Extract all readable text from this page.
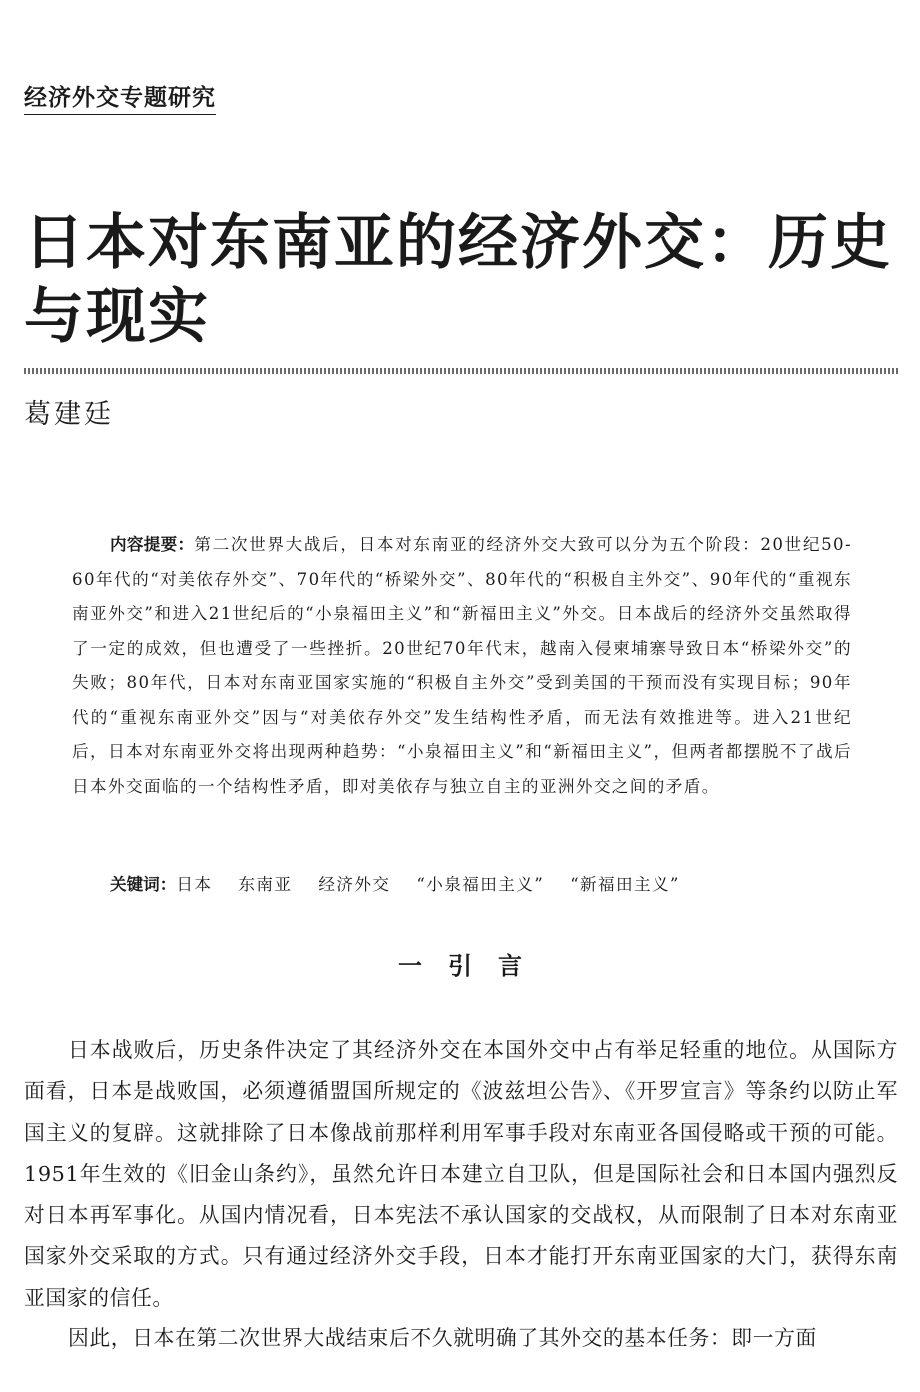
经济外交专题研究
日本对东南亚的经济外交：历史与现实
葛建廷

内容提要：第二次世界大战后，日本对东南亚的经济外交大致可以分为五个阶段：20世纪50-60年代的“对美依存外交”、70年代的“桥梁外交”、80年代的“积极自主外交”、90年代的“重视东南亚外交”和进入21世纪后的“小泉福田主义”和“新福田主义”外交。日本战后的经济外交虽然取得了一定的成效，但也遭受了一些挫折。20世纪70年代末，越南入侵柬埔寨导致日本“桥梁外交”的失败；80年代，日本对东南亚国家实施的“积极自主外交”受到美国的干预而没有实现目标；90年代的“重视东南亚外交”因与“对美依存外交”发生结构性矛盾，而无法有效推进等。进入21世纪后，日本对东南亚外交将出现两种趋势：“小泉福田主义”和“新福田主义”，但两者都摆脱不了战后日本外交面临的一个结构性矛盾，即对美依存与独立自主的亚洲外交之间的矛盾。

关键词：日本 东南亚 经济外交 “小泉福田主义” “新福田主义”

一引言

日本战败后，历史条件决定了其经济外交在本国外交中占有举足轻重的地位。从国际方面看，日本是战败国，必须遵循盟国所规定的《波兹坦公告》、《开罗宣言》等条约以防止军国主义的复辟。这就排除了日本像战前那样利用军事手段对东南亚各国侵略或干预的可能。1951年生效的《旧金山条约》，虽然允许日本建立自卫队，但是国际社会和日本国内强烈反对日本再军事化。从国内情况看，日本宪法不承认国家的交战权，从而限制了日本对东南亚国家外交采取的方式。只有通过经济外交手段，日本才能打开东南亚国家的大门，获得东南亚国家的信任。

因此，日本在第二次世界大战结束后不久就明确了其外交的基本任务：即一方面
